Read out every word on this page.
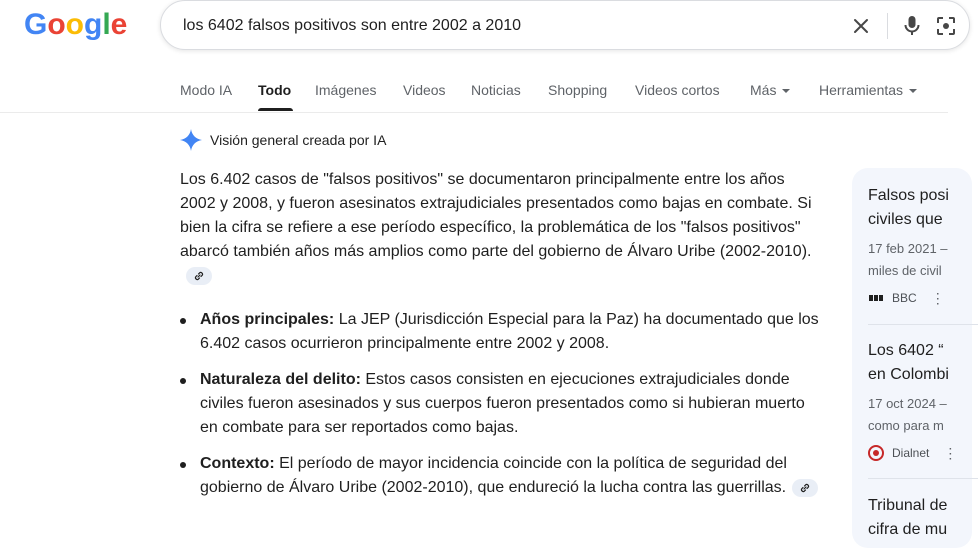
Google
los 6402 falsos positivos son entre 2002 a 2010
Modo IA Todo Imágenes Videos Noticias Shopping Videos cortos Más	Herramientas
Visión general creada por IA

Los 6.402 casos de "falsos positivos" se documentaron principalmente entre los años 2002 y 2008, y fueron asesinatos extrajudiciales presentados como bajas en combate. Si bien la cifra se refiere a ese período específico, la problemática de los "falsos positivos" abarcó también años más amplios como parte del gobierno de Álvaro Uribe (2002-2010).

Años principales: La JEP (Jurisdicción Especial para la Paz) ha documentado que los 6.402 casos ocurrieron principalmente entre 2002 y 2008.
Naturaleza del delito: Estos casos consisten en ejecuciones extrajudiciales donde civiles fueron asesinados y sus cuerpos fueron presentados como si hubieran muerto en combate para ser reportados como bajas.
Contexto: El período de mayor incidencia coincide con la política de seguridad del gobierno de Álvaro Uribe (2002-2010), que endureció la lucha contra las guerrillas.
Falsos posi
civiles que
17 feb 2021 –
miles de civil
BBC ⋮
Los 6402 “
en Colombi
17 oct 2024 –
como para m
Dialnet ⋮
Tribunal de
cifra de mu
